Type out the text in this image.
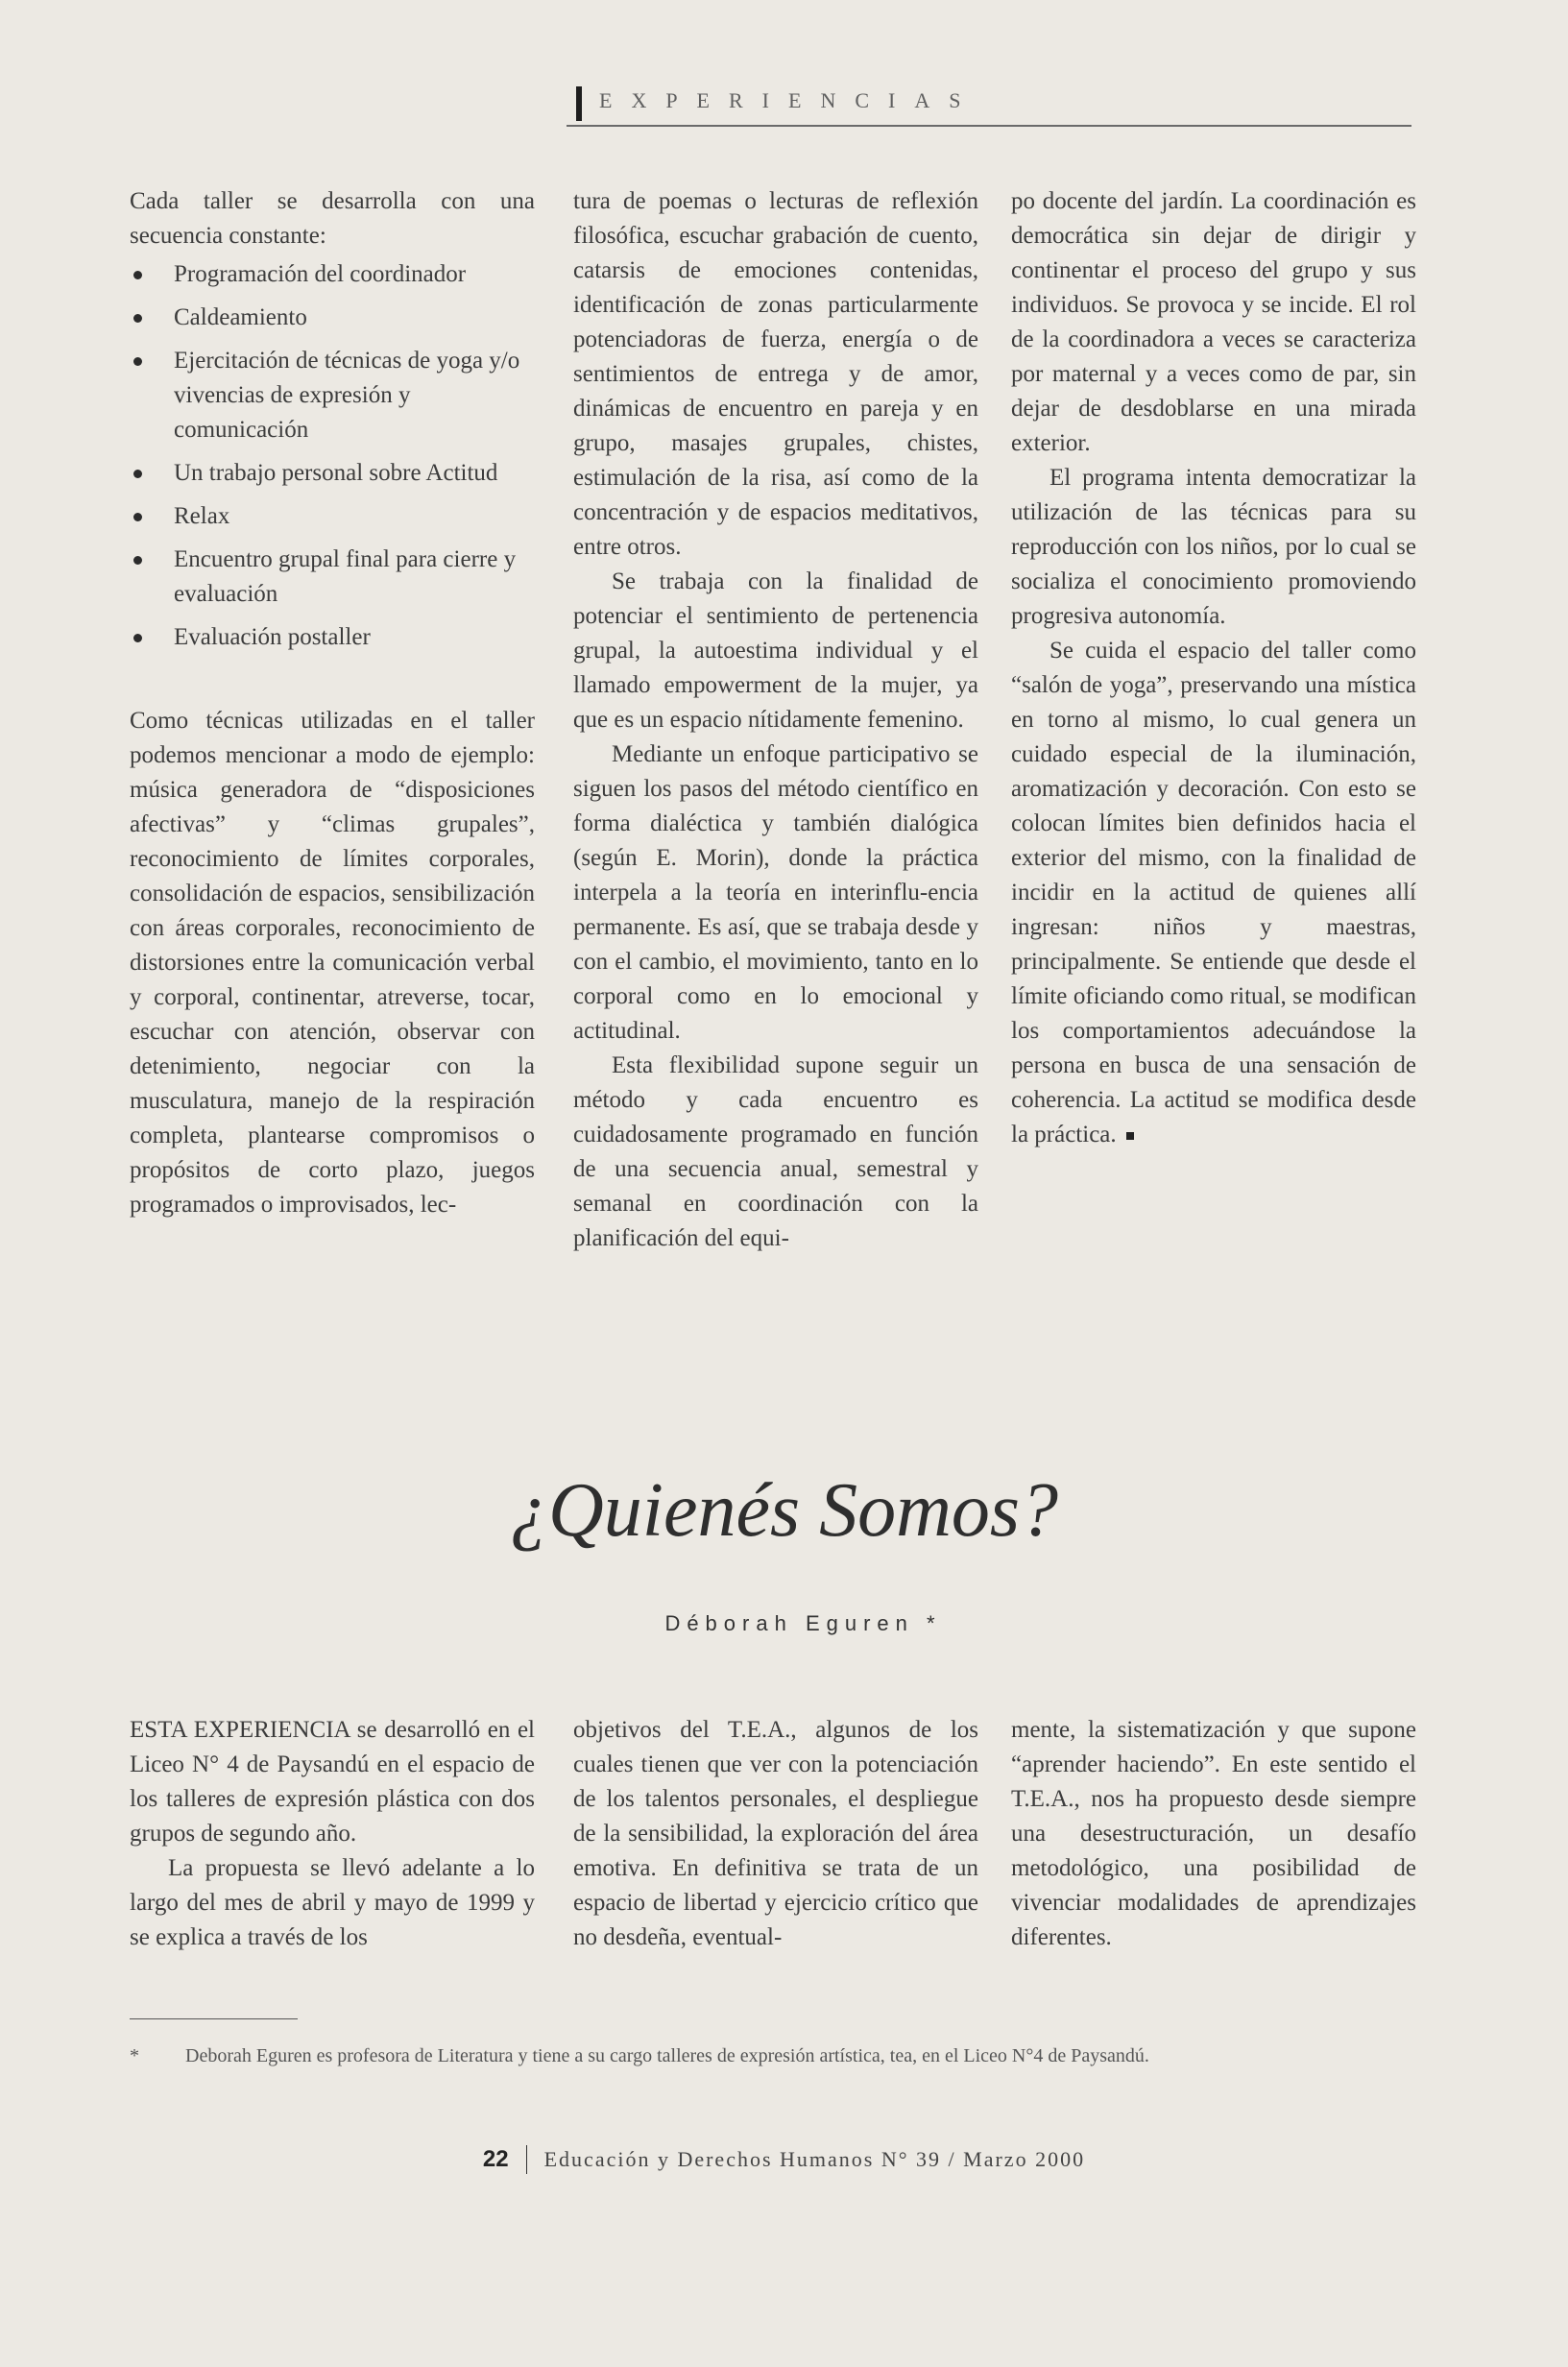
EXPERIENCIAS

Cada taller se desarrolla con una secuencia constante:

Programación del coordinador
Caldeamiento
Ejercitación de técnicas de yoga y/o vivencias de expresión y comunicación
Un trabajo personal sobre Actitud
Relax
Encuentro grupal final para cierre y evaluación
Evaluación postaller

Como técnicas utilizadas en el taller podemos mencionar a modo de ejemplo: música generadora de “disposiciones afectivas” y “climas grupales”, reconocimiento de límites corporales, consolidación de espacios, sensibilización con áreas corporales, reconocimiento de distorsiones entre la comunicación verbal y corporal, continentar, atreverse, tocar, escuchar con atención, observar con detenimiento, negociar con la musculatura, manejo de la respiración completa, plantearse compromisos o propósitos de corto plazo, juegos programados o improvisados, lec-

tura de poemas o lecturas de reflexión filosófica, escuchar grabación de cuento, catarsis de emociones contenidas, identificación de zonas particularmente potenciadoras de fuerza, energía o de sentimientos de entrega y de amor, dinámicas de encuentro en pareja y en grupo, masajes grupales, chistes, estimulación de la risa, así como de la concentración y de espacios meditativos, entre otros.

Se trabaja con la finalidad de potenciar el sentimiento de pertenencia grupal, la autoestima individual y el llamado empowerment de la mujer, ya que es un espacio nítidamente femenino.

Mediante un enfoque participativo se siguen los pasos del método científico en forma dialéctica y también dialógica (según E. Morin), donde la práctica interpela a la teoría en interinflu-encia permanente. Es así, que se trabaja desde y con el cambio, el movimiento, tanto en lo corporal como en lo emocional y actitudinal.

Esta flexibilidad supone seguir un método y cada encuentro es cuidadosamente programado en función de una secuencia anual, semestral y semanal en coordinación con la planificación del equi-

po docente del jardín. La coordinación es democrática sin dejar de dirigir y continentar el proceso del grupo y sus individuos. Se provoca y se incide. El rol de la coordinadora a veces se caracteriza por maternal y a veces como de par, sin dejar de desdoblarse en una mirada exterior.

El programa intenta democratizar la utilización de las técnicas para su reproducción con los niños, por lo cual se socializa el conocimiento promoviendo progresiva autonomía.

Se cuida el espacio del taller como “salón de yoga”, preservando una mística en torno al mismo, lo cual genera un cuidado especial de la iluminación, aromatización y decoración. Con esto se colocan límites bien definidos hacia el exterior del mismo, con la finalidad de incidir en la actitud de quienes allí ingresan: niños y maestras, principalmente. Se entiende que desde el límite oficiando como ritual, se modifican los comportamientos adecuándose la persona en busca de una sensación de coherencia. La actitud se modifica desde la práctica.

¿Quienés Somos?
Déborah Eguren *

ESTA EXPERIENCIA se desarrolló en el Liceo N° 4 de Paysandú en el espacio de los talleres de expresión plástica con dos grupos de segundo año.

La propuesta se llevó adelante a lo largo del mes de abril y mayo de 1999 y se explica a través de los

objetivos del T.E.A., algunos de los cuales tienen que ver con la potenciación de los talentos personales, el despliegue de la sensibilidad, la exploración del área emotiva. En definitiva se trata de un espacio de libertad y ejercicio crítico que no desdeña, eventual-

mente, la sistematización y que supone “aprender haciendo”. En este sentido el T.E.A., nos ha propuesto desde siempre una desestructuración, un desafío metodológico, una posibilidad de vivenciar modalidades de aprendizajes diferentes.

*	Deborah Eguren es profesora de Literatura y tiene a su cargo talleres de expresión artística, tea, en el Liceo N°4 de Paysandú.
22 Educación y Derechos Humanos N° 39 / Marzo 2000
